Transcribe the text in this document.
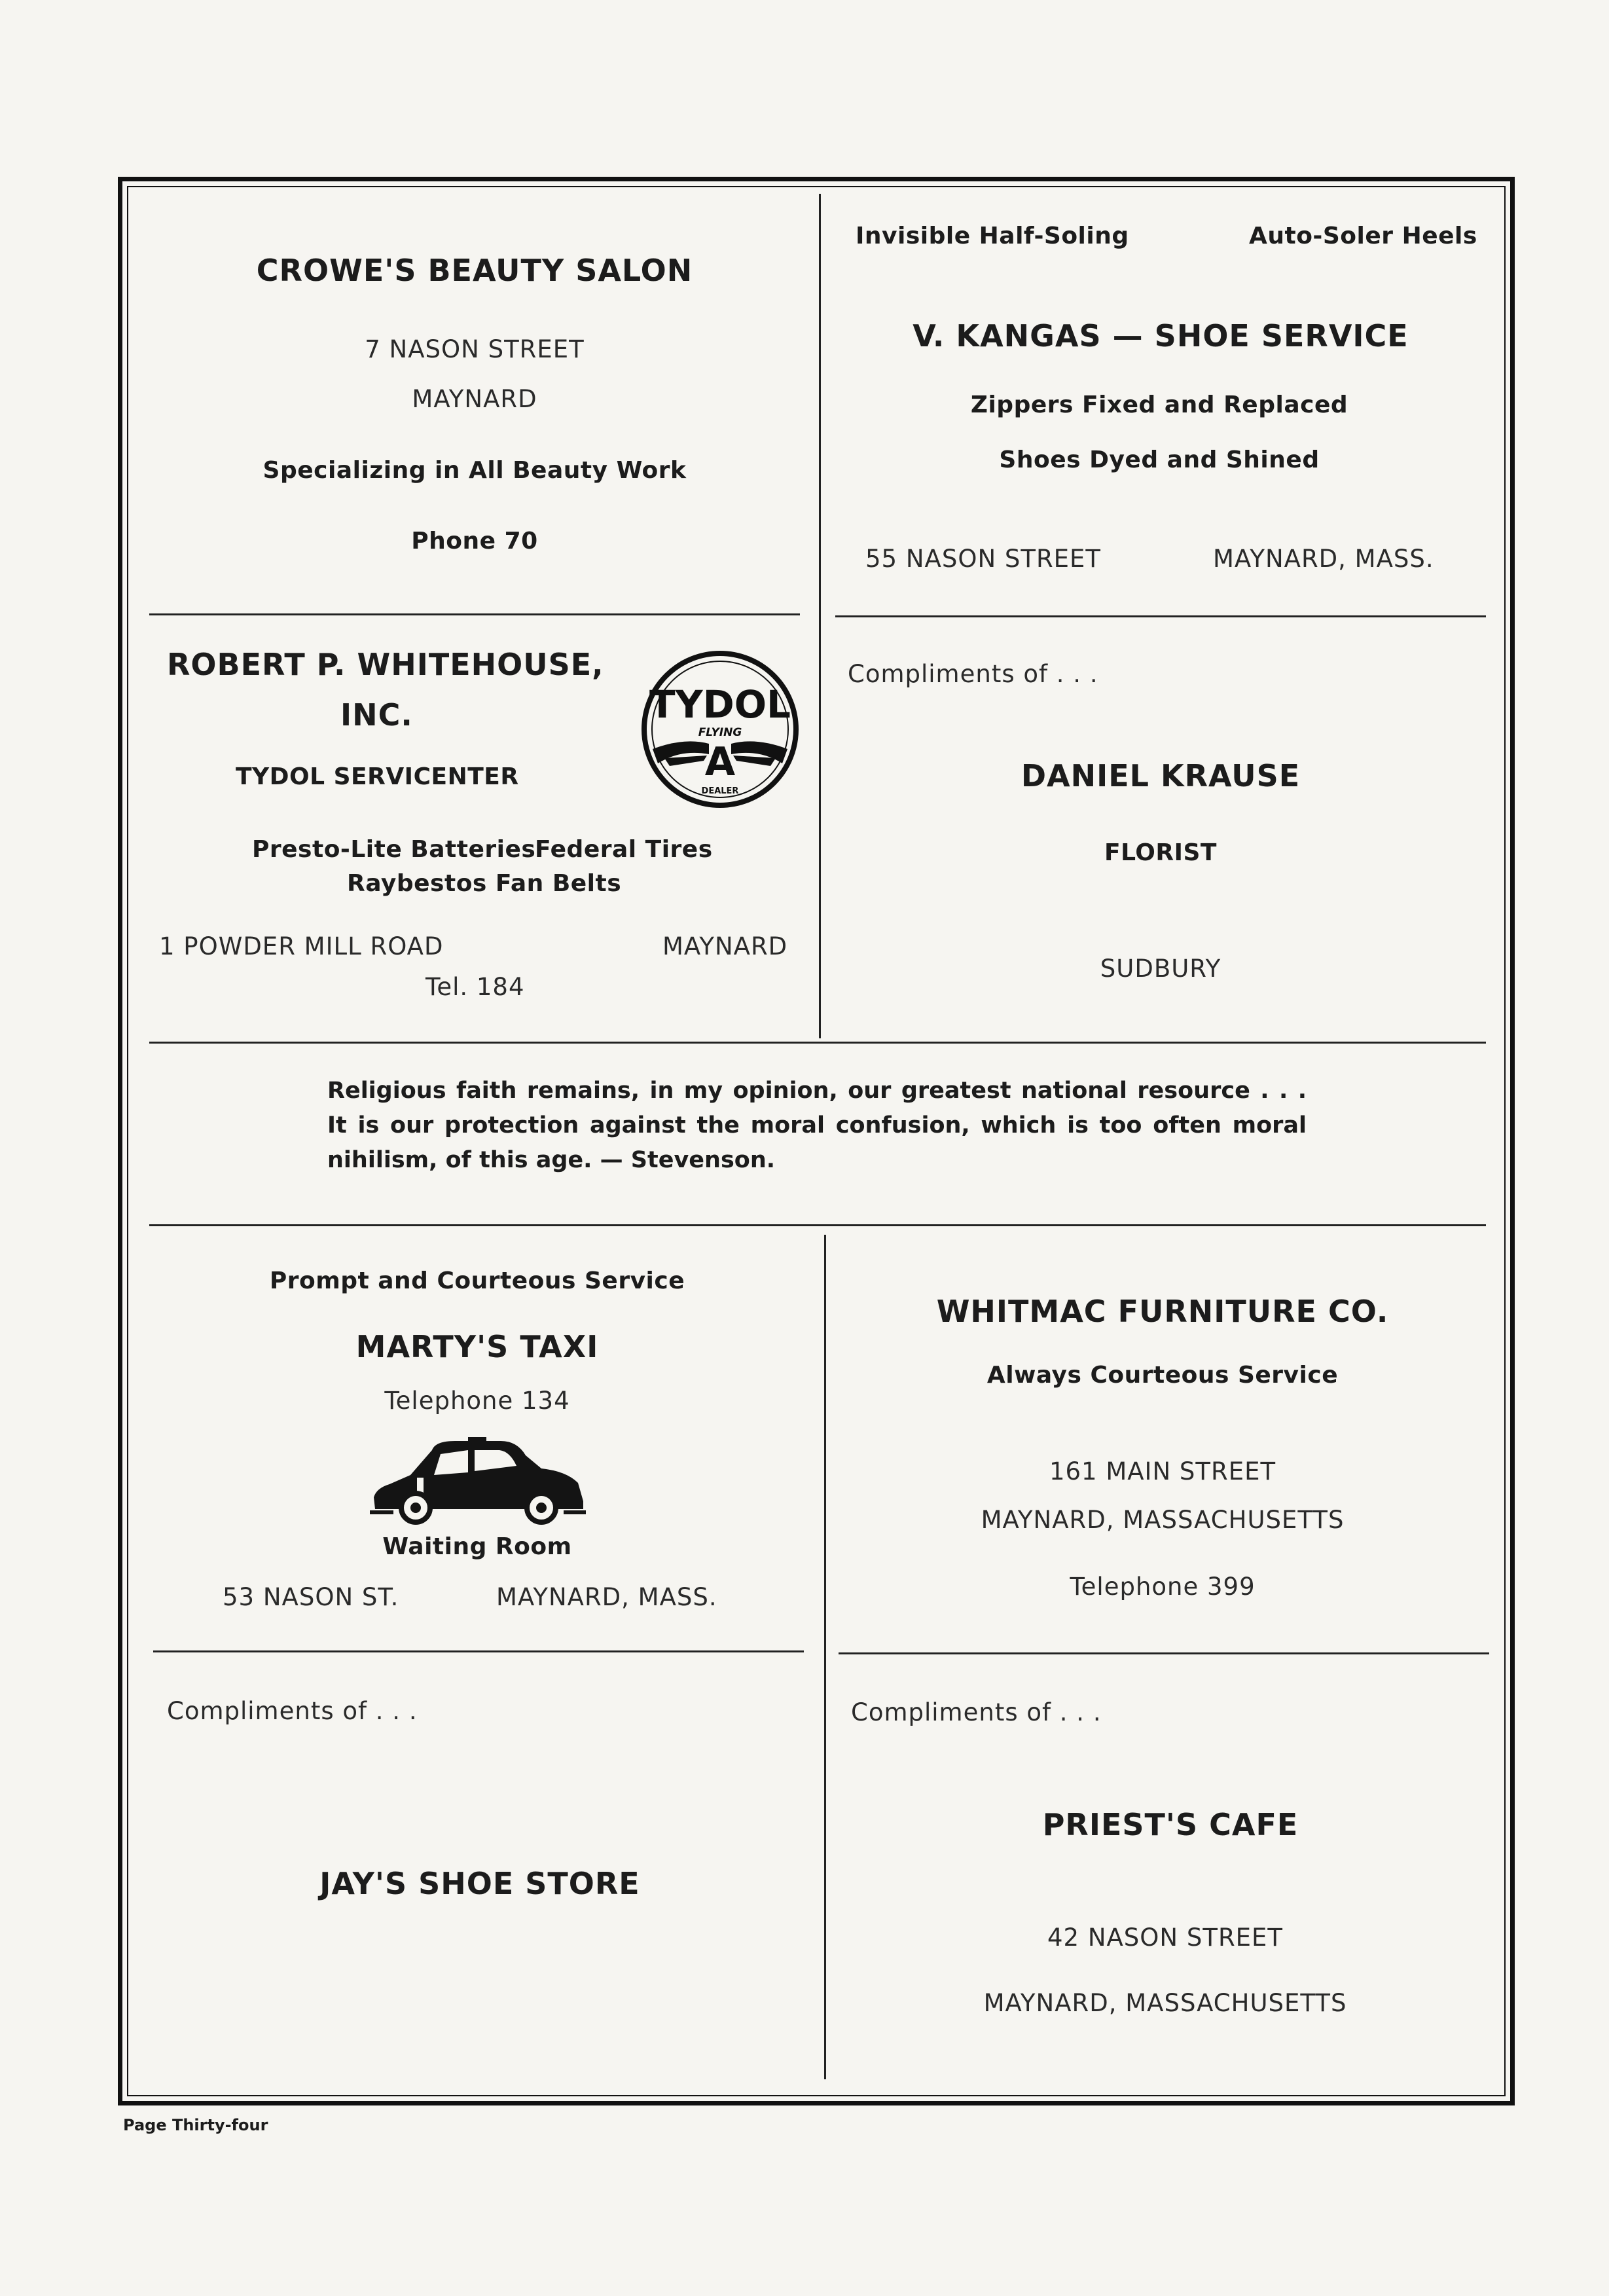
CROWE'S BEAUTY SALON
7 NASON STREET
MAYNARD
Specializing in All Beauty Work
Phone 70
Invisible Half-Soling	Auto-Soler Heels
V. KANGAS — SHOE SERVICE
Zippers Fixed and Replaced
Shoes Dyed and Shined
55 NASON STREET	MAYNARD, MASS.
ROBERT P. WHITEHOUSE,
INC.
TYDOL SERVICENTER
Presto-Lite Batteries
Federal Tires
Raybestos Fan Belts
1 POWDER MILL ROAD	MAYNARD
Tel. 184
TYDOL
FLYING
A
DEALER
Compliments of . . .
DANIEL KRAUSE
FLORIST
SUDBURY
Religious faith remains, in my opinion, our greatest national resource . . . It is our protection against the moral confusion, which is too often moral nihilism, of this age. — Stevenson.
Prompt and Courteous Service
MARTY'S TAXI
Telephone 134
Waiting Room
53 NASON ST.	MAYNARD, MASS.
WHITMAC FURNITURE CO.
Always Courteous Service
161 MAIN STREET
MAYNARD, MASSACHUSETTS
Telephone 399
Compliments of . . .
JAY'S SHOE STORE
Compliments of . . .
PRIEST'S CAFE
42 NASON STREET
MAYNARD, MASSACHUSETTS
Page Thirty-four
